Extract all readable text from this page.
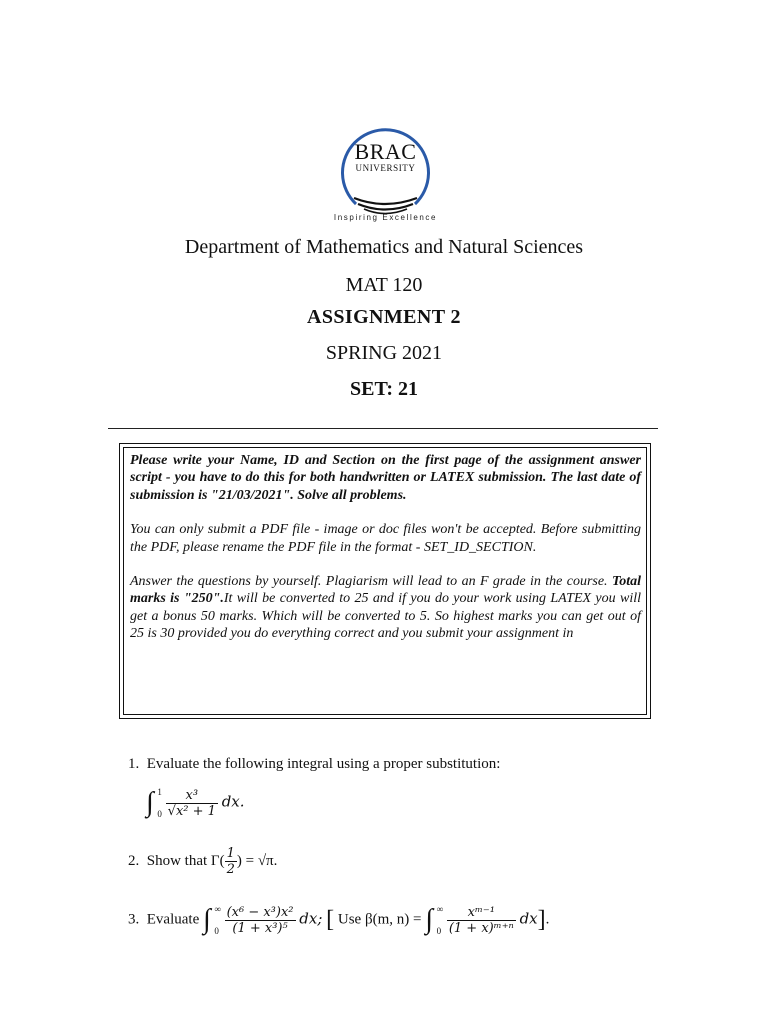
BRAC
UNIVERSITY
Inspiring Excellence
Department of Mathematics and Natural Sciences
MAT 120
ASSIGNMENT 2
SPRING 2021
SET: 21

Please write your Name, ID and Section on the first page of the assignment answer script - you have to do this for both handwritten or LATEX submission. The last date of submission is "21/03/2021". Solve all problems.

You can only submit a PDF file - image or doc files won't be accepted. Before submitting the PDF, please rename the PDF file in the format - SET_ID_SECTION.

Answer the questions by yourself. Plagiarism will lead to an F grade in the course. Total marks is "250".It will be converted to 25 and if you do your work using LATEX you will get a bonus 50 marks. Which will be converted to 5. So highest marks you can get out of 25 is 30 provided you do everything correct and you submit your assignment in

1. Evaluate the following integral using a proper substitution:
∫ 1
0
$\frac{\text{x³}}{\text{√x² + 1}}$ dx.
2. Show that $\Gamma( \frac{1}{2}$ ) = √π.
3. Evaluate ∫ ∞
0
$\frac{\text{(x⁶ − x³)x²}}{\text{(1 + x³)⁵}}$ dx; [ Use β(m, n) = ∫ ∞
0
$\frac{\text{xᵐ⁻¹}}{\text{(1 + x)ᵐ⁺ⁿ}} dx$].
